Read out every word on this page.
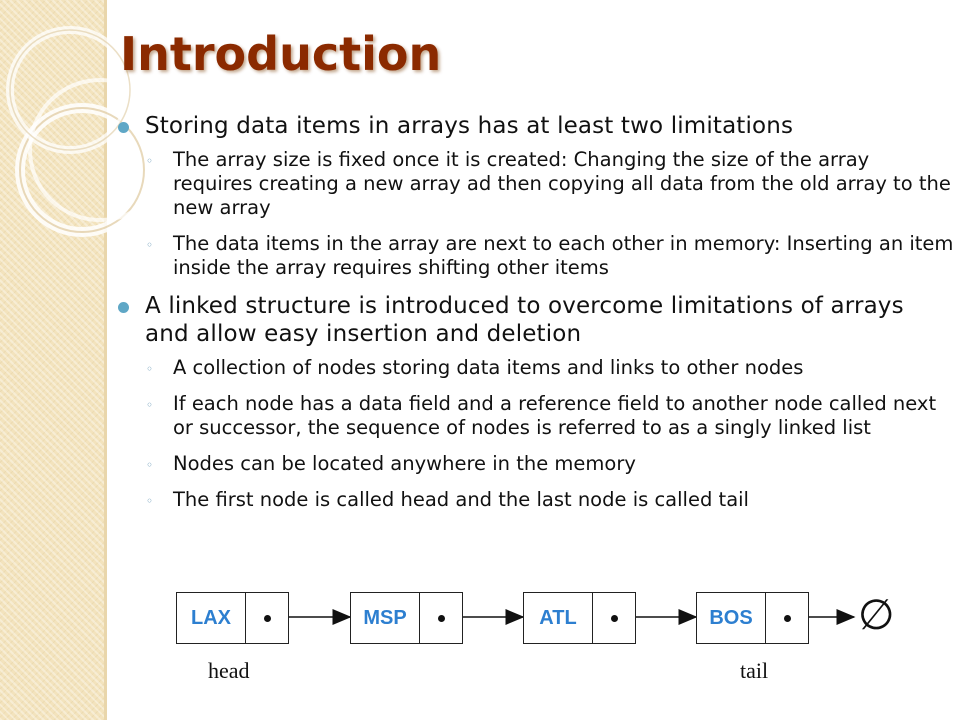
Introduction
Storing data items in arrays has at least two limitations
◦ The array size is fixed once it is created: Changing the size of the array requires creating a new array ad then copying all data from the old array to the new array
◦ The data items in the array are next to each other in memory: Inserting an item inside the array requires shifting other items
A linked structure is introduced to overcome limitations of arrays and allow easy insertion and deletion
◦ A collection of nodes storing data items and links to other nodes
◦ If each node has a data field and a reference field to another node called next or successor, the sequence of nodes is referred to as a singly linked list
◦ Nodes can be located anywhere in the memory
◦ The first node is called head and the last node is called tail
LAX	MSP	ATL	BOS	∅
head	tail
